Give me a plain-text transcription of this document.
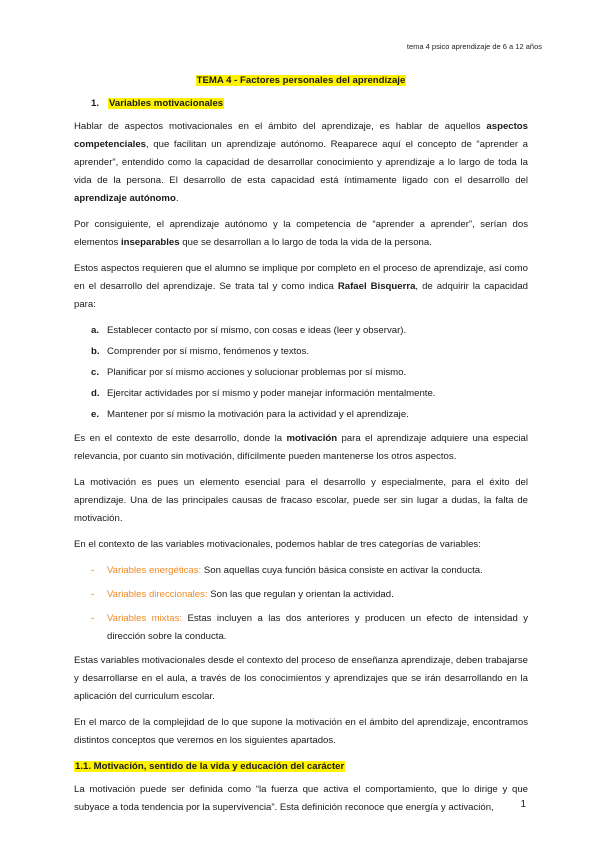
tema 4 psico aprendizaje de 6 a 12 años
TEMA 4 - Factores personales del aprendizaje
1. Variables motivacionales

Hablar de aspectos motivacionales en el ámbito del aprendizaje, es hablar de aquellos aspectos competenciales, que facilitan un aprendizaje autónomo. Reaparece aquí el concepto de “aprender a aprender”, entendido como la capacidad de desarrollar conocimiento y aprendizaje a lo largo de toda la vida de la persona. El desarrollo de esta capacidad está íntimamente ligado con el desarrollo del aprendizaje autónomo.

Por consiguiente, el aprendizaje autónomo y la competencia de “aprender a aprender”, serían dos elementos inseparables que se desarrollan a lo largo de toda la vida de la persona.

Estos aspectos requieren que el alumno se implique por completo en el proceso de aprendizaje, así como en el desarrollo del aprendizaje. Se trata tal y como indica Rafael Bisquerra, de adquirir la capacidad para:

a. Establecer contacto por sí mismo, con cosas e ideas (leer y observar).
b. Comprender por sí mismo, fenómenos y textos.
c. Planificar por sí mismo acciones y solucionar problemas por sí mismo.
d. Ejercitar actividades por sí mismo y poder manejar información mentalmente.
e. Mantener por sí mismo la motivación para la actividad y el aprendizaje.

Es en el contexto de este desarrollo, donde la motivación para el aprendizaje adquiere una especial relevancia, por cuanto sin motivación, difícilmente pueden mantenerse los otros aspectos.

La motivación es pues un elemento esencial para el desarrollo y especialmente, para el éxito del aprendizaje. Una de las principales causas de fracaso escolar, puede ser sin lugar a dudas, la falta de motivación.

En el contexto de las variables motivacionales, podemos hablar de tres categorías de variables:

-	Variables energéticas: Son aquellas cuya función básica consiste en activar la conducta.
-	Variables direccionales: Son las que regulan y orientan la actividad.
-	Variables mixtas: Estas incluyen a las dos anteriores y producen un efecto de intensidad y dirección sobre la conducta.

Estas variables motivacionales desde el contexto del proceso de enseñanza aprendizaje, deben trabajarse y desarrollarse en el aula, a través de los conocimientos y aprendizajes que se irán desarrollando en la aplicación del curriculum escolar.

En el marco de la complejidad de lo que supone la motivación en el ámbito del aprendizaje, encontramos distintos conceptos que veremos en los siguientes apartados.

1.1. Motivación, sentido de la vida y educación del carácter

La motivación puede ser definida como “la fuerza que activa el comportamiento, que lo dirige y que subyace a toda tendencia por la supervivencia”. Esta definición reconoce que energía y activación,	1
